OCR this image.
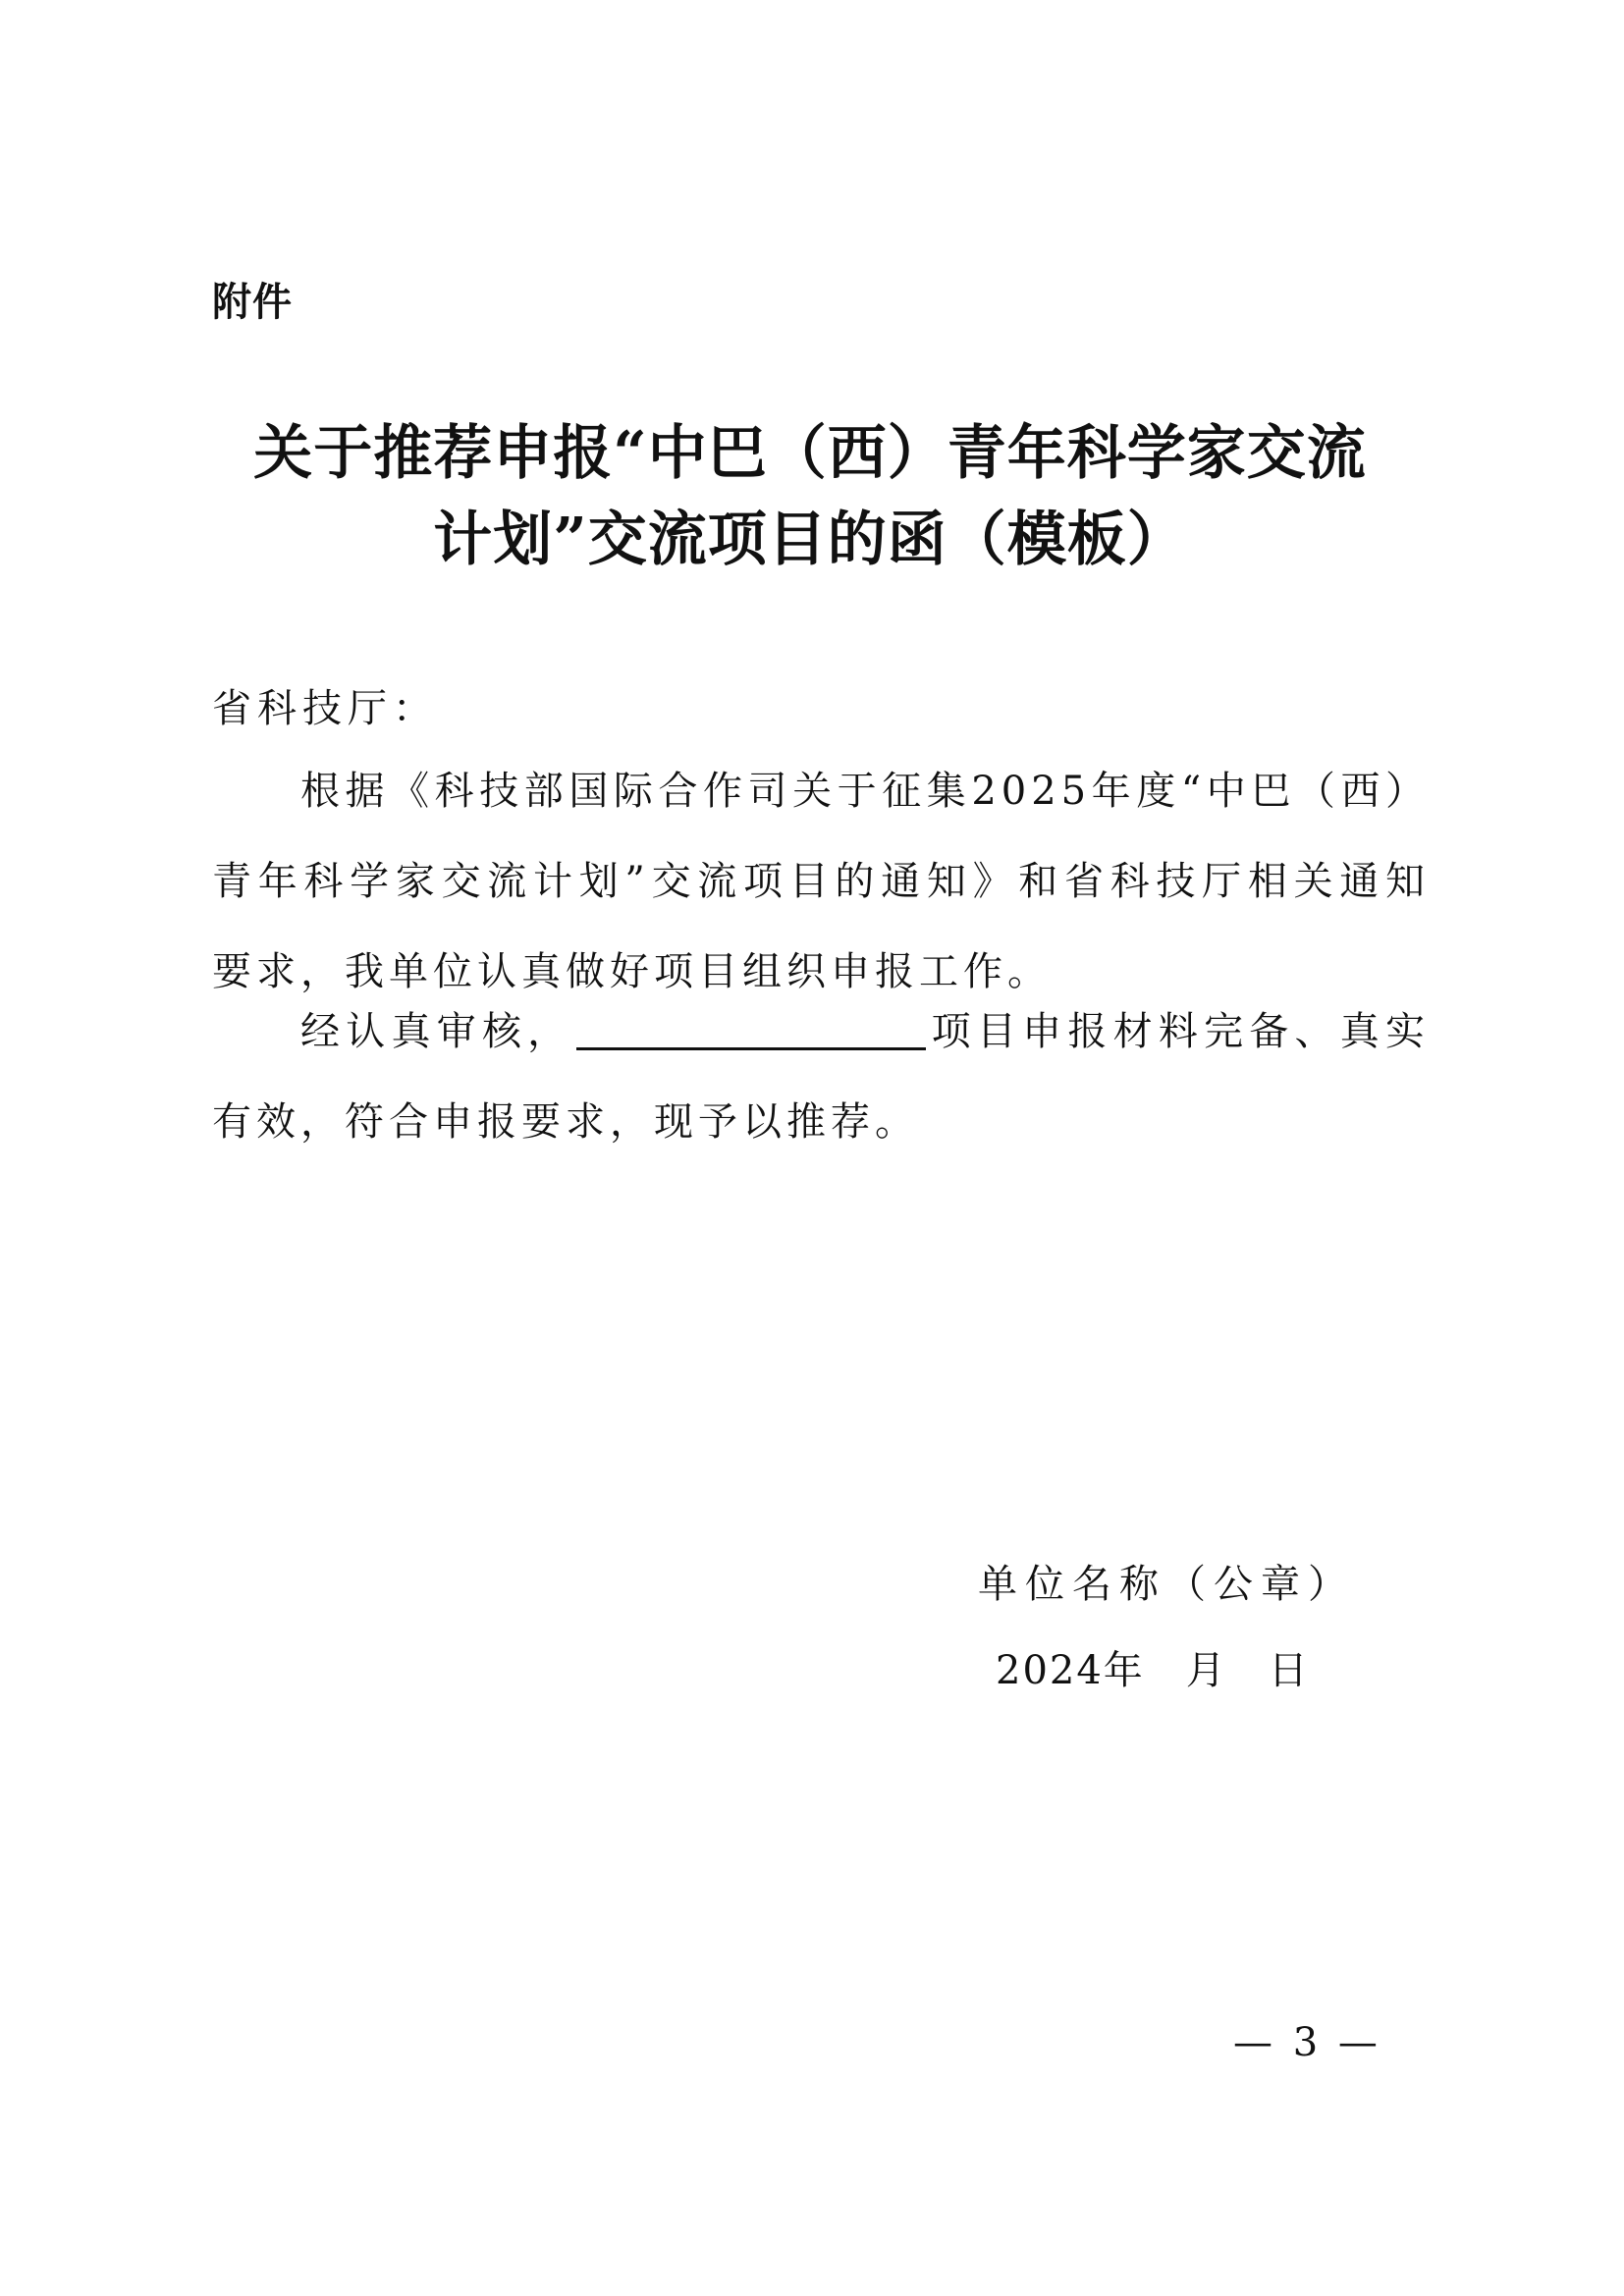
附件
关于推荐申报“中巴（西）青年科学家交流
计划”交流项目的函（模板）
省科技厅：
根据《科技部国际合作司关于征集2025年度“中巴（西）青年科学家交流计划”交流项目的通知》和省科技厅相关通知要求，我单位认真做好项目组织申报工作。
经认真审核，	项目申报材料完备、真实有效，符合申报要求，现予以推荐。
单位名称（公章）
2024年　月　日
— 3 —
